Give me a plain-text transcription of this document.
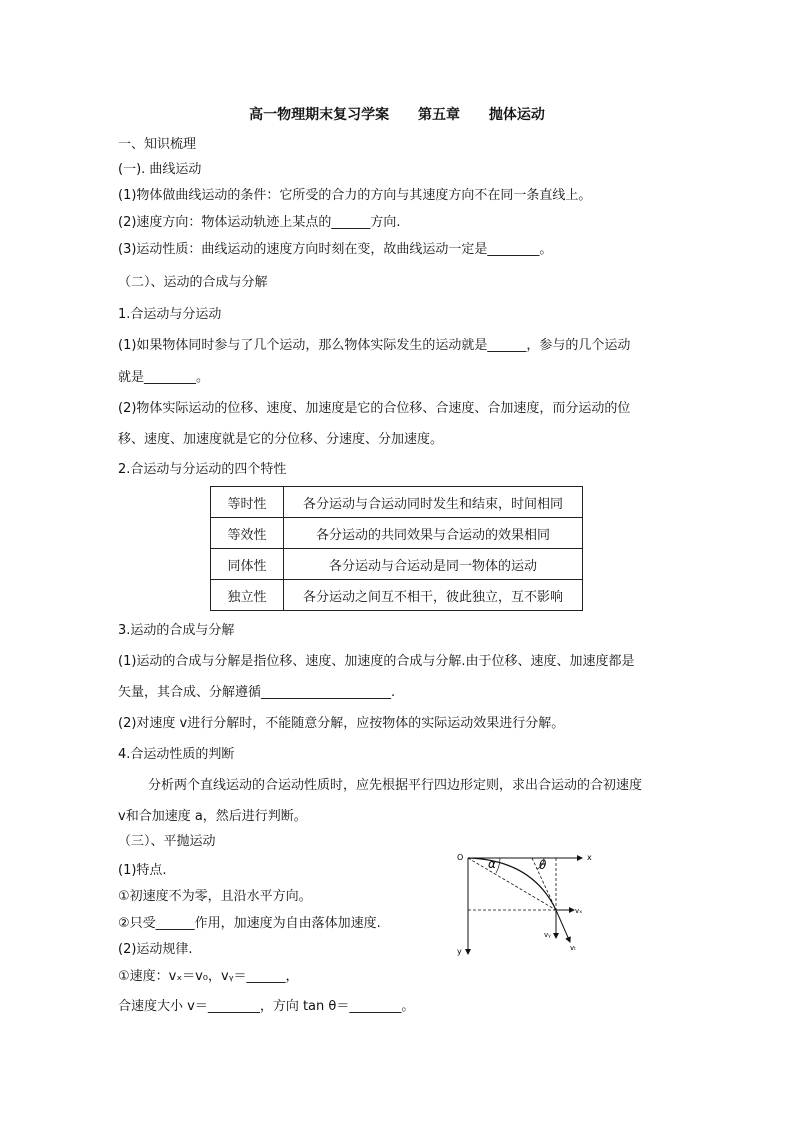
高一物理期末复习学案 第五章 抛体运动
一、知识梳理
(一). 曲线运动
(1)物体做曲线运动的条件：它所受的合力的方向与其速度方向不在同一条直线上。
(2)速度方向：物体运动轨迹上某点的______方向.
(3)运动性质：曲线运动的速度方向时刻在变，故曲线运动一定是________。
（二）、运动的合成与分解
1.合运动与分运动
(1)如果物体同时参与了几个运动，那么物体实际发生的运动就是______，参与的几个运动
就是________。
(2)物体实际运动的位移、速度、加速度是它的合位移、合速度、合加速度，而分运动的位
移、速度、加速度就是它的分位移、分速度、分加速度。
2.合运动与分运动的四个特性
等时性	各分运动与合运动同时发生和结束，时间相同
等效性	各分运动的共同效果与合运动的效果相同
同体性	各分运动与合运动是同一物体的运动
独立性	各分运动之间互不相干，彼此独立，互不影响
3.运动的合成与分解
(1)运动的合成与分解是指位移、速度、加速度的合成与分解.由于位移、速度、加速度都是
矢量，其合成、分解遵循____________________.
(2)对速度 v进行分解时，不能随意分解，应按物体的实际运动效果进行分解。
4.合运动性质的判断
分析两个直线运动的合运动性质时，应先根据平行四边形定则，求出合运动的合初速度
v和合加速度 a，然后进行判断。
（三）、平抛运动
(1)特点.
①初速度不为零，且沿水平方向。
②只受______作用，加速度为自由落体加速度.
(2)运动规律.
①速度：vₓ＝v₀，vᵧ＝______，
合速度大小 v＝________，方向 tan θ＝________。
O	x
y
α	θ
vₓ
vᵧ
vₜ
